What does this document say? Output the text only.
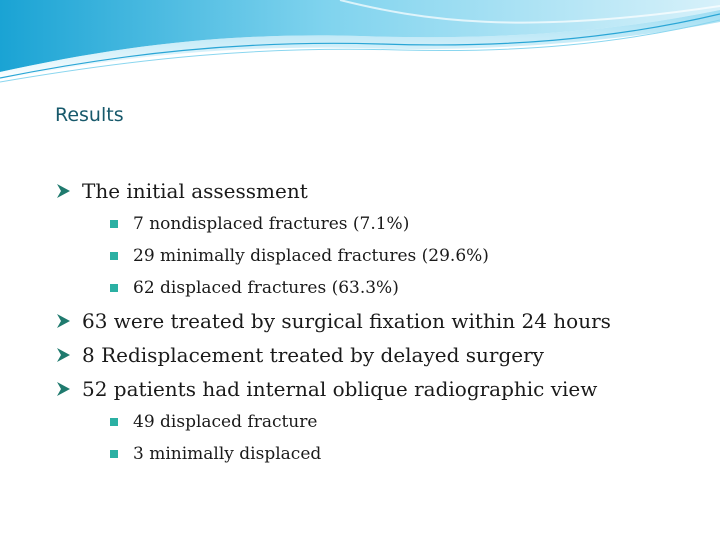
Results
The initial assessment
7 nondisplaced fractures (7.1%)
29 minimally displaced fractures (29.6%)
62 displaced fractures (63.3%)
63 were treated by surgical fixation within 24 hours
8 Redisplacement treated by delayed surgery
52 patients had internal oblique radiographic view
49 displaced fracture
3 minimally displaced
